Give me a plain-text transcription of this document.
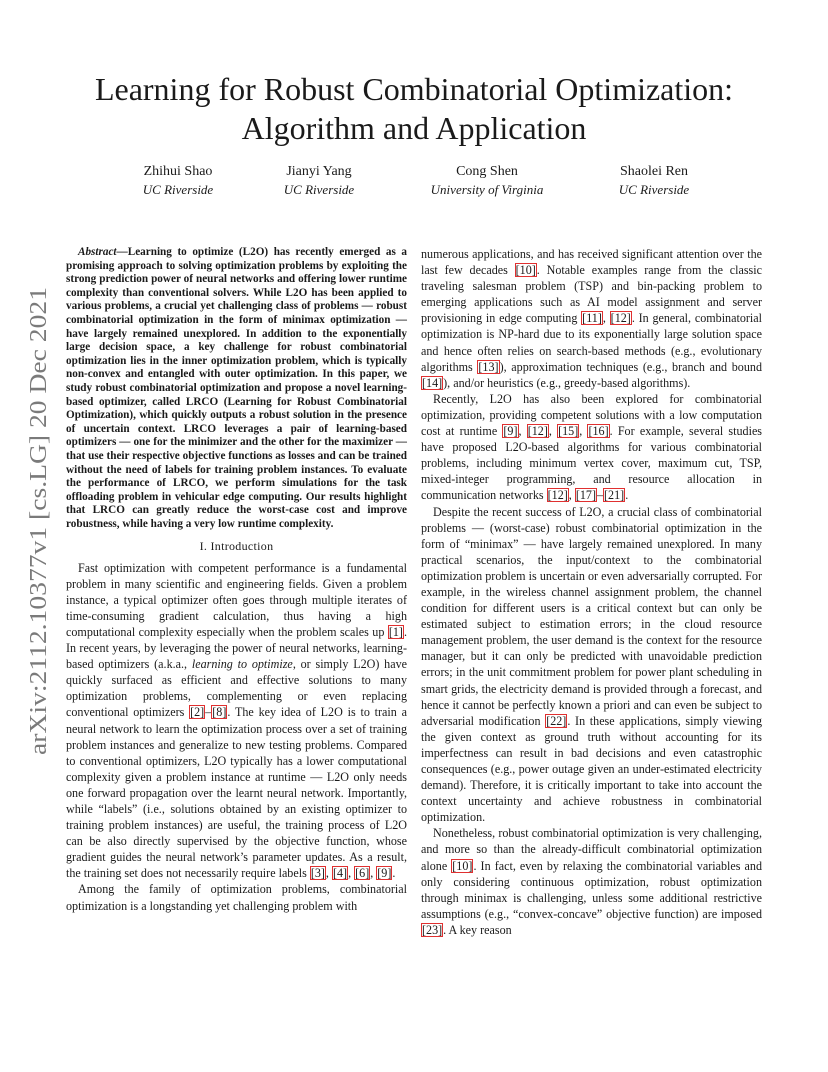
arXiv:2112.10377v1 [cs.LG] 20 Dec 2021
Learning for Robust Combinatorial Optimization:
Algorithm and Application
Zhihui Shao
UC Riverside
Jianyi Yang
UC Riverside
Cong Shen
University of Virginia
Shaolei Ren
UC Riverside

Abstract—Learning to optimize (L2O) has recently emerged as a promising approach to solving optimization problems by exploiting the strong prediction power of neural networks and offering lower runtime complexity than conventional solvers. While L2O has been applied to various problems, a crucial yet challenging class of problems — robust combinatorial optimization in the form of minimax optimization — have largely remained unexplored. In addition to the exponentially large decision space, a key challenge for robust combinatorial optimization lies in the inner optimization problem, which is typically non-convex and entangled with outer optimization. In this paper, we study robust combinatorial optimization and propose a novel learning-based optimizer, called LRCO (Learning for Robust Combinatorial Optimization), which quickly outputs a robust solution in the presence of uncertain context. LRCO leverages a pair of learning-based optimizers — one for the minimizer and the other for the maximizer — that use their respective objective functions as losses and can be trained without the need of labels for training problem instances. To evaluate the performance of LRCO, we perform simulations for the task offloading problem in vehicular edge computing. Our results highlight that LRCO can greatly reduce the worst-case cost and improve robustness, while having a very low runtime complexity.

I. Introduction

Fast optimization with competent performance is a fundamental problem in many scientific and engineering fields. Given a problem instance, a typical optimizer often goes through multiple iterates of time-consuming gradient calculation, thus having a high computational complexity especially when the problem scales up [1]. In recent years, by leveraging the power of neural networks, learning-based optimizers (a.k.a., learning to optimize, or simply L2O) have quickly surfaced as efficient and effective solutions to many optimization problems, complementing or even replacing conventional optimizers [2]–[8]. The key idea of L2O is to train a neural network to learn the optimization process over a set of training problem instances and generalize to new testing problems. Compared to conventional optimizers, L2O typically has a lower computational complexity given a problem instance at runtime — L2O only needs one forward propagation over the learnt neural network. Importantly, while “labels” (i.e., solutions obtained by an existing optimizer to training problem instances) are useful, the training process of L2O can be also directly supervised by the objective function, whose gradient guides the neural network’s parameter updates. As a result, the training set does not necessarily require labels [3], [4], [6], [9].

Among the family of optimization problems, combinatorial optimization is a longstanding yet challenging problem with

numerous applications, and has received significant attention over the last few decades [10]. Notable examples range from the classic traveling salesman problem (TSP) and bin-packing problem to emerging applications such as AI model assignment and server provisioning in edge computing [11], [12]. In general, combinatorial optimization is NP-hard due to its exponentially large solution space and hence often relies on search-based methods (e.g., evolutionary algorithms [13]), approximation techniques (e.g., branch and bound [14]), and/or heuristics (e.g., greedy-based algorithms).

Recently, L2O has also been explored for combinatorial optimization, providing competent solutions with a low computation cost at runtime [9], [12], [15], [16]. For example, several studies have proposed L2O-based algorithms for various combinatorial problems, including minimum vertex cover, maximum cut, TSP, mixed-integer programming, and resource allocation in communication networks [12], [17]–[21].

Despite the recent success of L2O, a crucial class of combinatorial problems — (worst-case) robust combinatorial optimization in the form of “minimax” — have largely remained unexplored. In many practical scenarios, the input/context to the combinatorial optimization problem is uncertain or even adversarially corrupted. For example, in the wireless channel assignment problem, the channel condition for different users is a critical context but can only be estimated subject to estimation errors; in the cloud resource management problem, the user demand is the context for the resource manager, but it can only be predicted with unavoidable prediction errors; in the unit commitment problem for power plant scheduling in smart grids, the electricity demand is provided through a forecast, and hence it cannot be perfectly known a priori and can even be subject to adversarial modification [22]. In these applications, simply viewing the given context as ground truth without accounting for its imperfectness can result in bad decisions and even catastrophic consequences (e.g., power outage given an under-estimated electricity demand). Therefore, it is critically important to take into account the context uncertainty and achieve robustness in combinatorial optimization.

Nonetheless, robust combinatorial optimization is very challenging, and more so than the already-difficult combinatorial optimization alone [10]. In fact, even by relaxing the combinatorial variables and only considering continuous optimization, robust optimization through minimax is challenging, unless some additional restrictive assumptions (e.g., “convex-concave” objective function) are imposed [23]. A key reason
